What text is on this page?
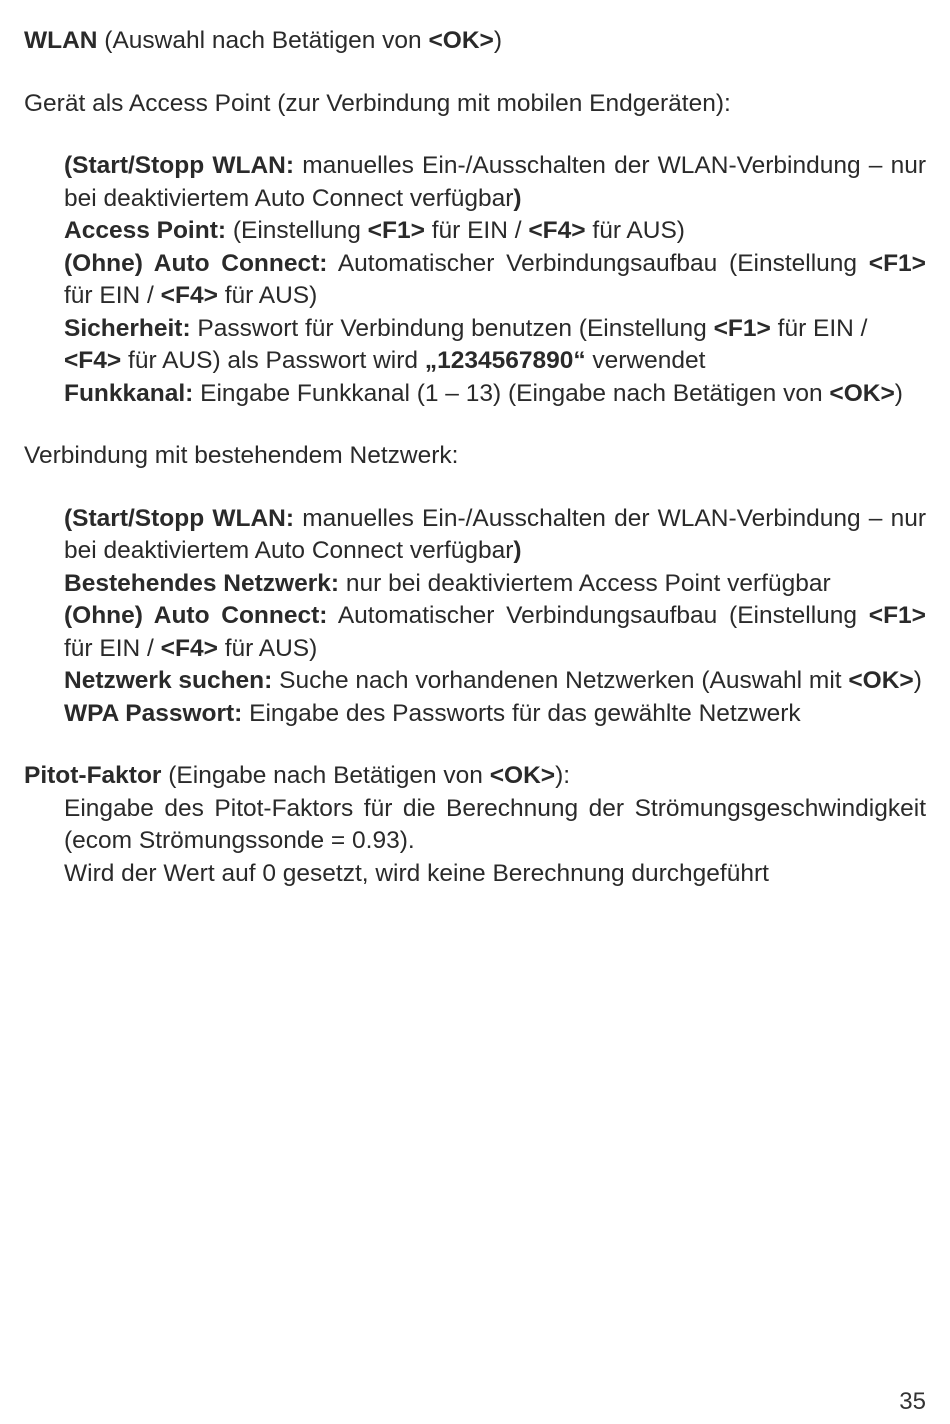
WLAN (Auswahl nach Betätigen von <OK>)

Gerät als Access Point (zur Verbindung mit mobilen Endgeräten):

(Start/Stopp WLAN: manuelles Ein-/Ausschalten der WLAN-Verbindung – nur bei deaktiviertem Auto Connect verfügbar)

Access Point: (Einstellung <F1> für EIN / <F4> für AUS)

(Ohne) Auto Connect: Automatischer Verbindungsaufbau (Einstellung <F1> für EIN / <F4> für AUS)

Sicherheit: Passwort für Verbindung benutzen (Einstellung <F1> für EIN / <F4> für AUS) als Passwort wird „1234567890“ verwendet

Funkkanal: Eingabe Funkkanal (1 – 13) (Eingabe nach Betätigen von <OK>)

Verbindung mit bestehendem Netzwerk:

(Start/Stopp WLAN: manuelles Ein-/Ausschalten der WLAN-Verbindung – nur bei deaktiviertem Auto Connect verfügbar)

Bestehendes Netzwerk: nur bei deaktiviertem Access Point verfügbar

(Ohne) Auto Connect: Automatischer Verbindungsaufbau (Einstellung <F1> für EIN / <F4> für AUS)

Netzwerk suchen: Suche nach vorhandenen Netzwerken (Auswahl mit <OK>)

WPA Passwort: Eingabe des Passworts für das gewählte Netzwerk

Pitot-Faktor (Eingabe nach Betätigen von <OK>):

Eingabe des Pitot-Faktors für die Berechnung der Strömungsgeschwindigkeit (ecom Strömungssonde = 0.93).

Wird der Wert auf 0 gesetzt, wird keine Berechnung durchgeführt

35
